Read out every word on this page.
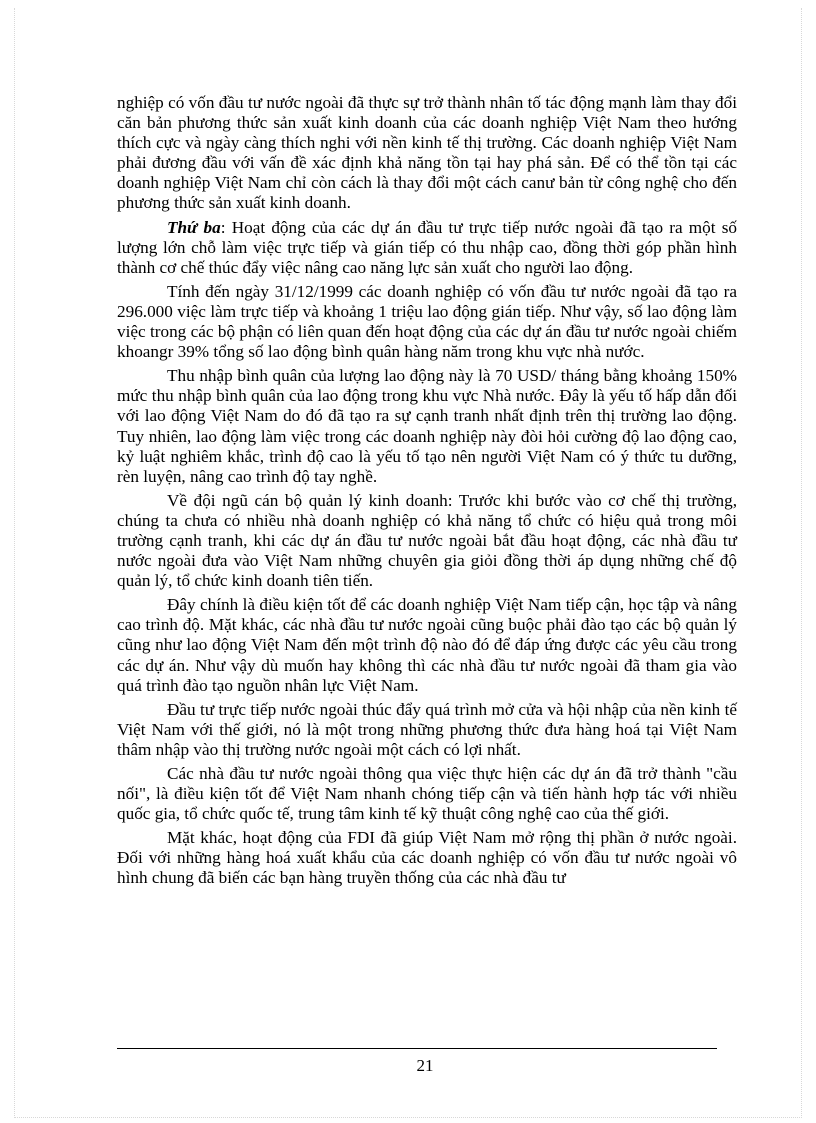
nghiệp có vốn đầu tư nước ngoài đã thực sự trở thành nhân tố tác động mạnh làm thay đổi căn bản phương thức sản xuất kinh doanh của các doanh nghiệp Việt Nam theo hướng thích cực và ngày càng thích nghi với nền kinh tế thị trường. Các doanh nghiệp Việt Nam phải đương đầu với vấn đề xác định khả năng tồn tại hay phá sản. Để có thể tồn tại các doanh nghiệp Việt Nam chỉ còn cách là thay đổi một cách canư bản từ công nghệ cho đến phương thức sản xuất kinh doanh.

Thứ ba: Hoạt động của các dự án đầu tư trực tiếp nước ngoài đã tạo ra một số lượng lớn chỗ làm việc trực tiếp và gián tiếp có thu nhập cao, đồng thời góp phần hình thành cơ chế thúc đẩy việc nâng cao năng lực sản xuất cho người lao động.

Tính đến ngày 31/12/1999 các doanh nghiệp có vốn đầu tư nước ngoài đã tạo ra 296.000 việc làm trực tiếp và khoảng 1 triệu lao động gián tiếp. Như vậy, số lao động làm việc trong các bộ phận có liên quan đến hoạt động của các dự án đầu tư nước ngoài chiếm khoangr 39% tổng số lao động bình quân hàng năm trong khu vực nhà nước.

Thu nhập bình quân của lượng lao động này là 70 USD/ tháng bằng khoảng 150% mức thu nhập bình quân của lao động trong khu vực Nhà nước. Đây là yếu tố hấp dẫn đối với lao động Việt Nam do đó đã tạo ra sự cạnh tranh nhất định trên thị trường lao động. Tuy nhiên, lao động làm việc trong các doanh nghiệp này đòi hỏi cường độ lao động cao, kỷ luật nghiêm khắc, trình độ cao là yếu tố tạo nên người Việt Nam có ý thức tu dưỡng, rèn luyện, nâng cao trình độ tay nghề.

Về đội ngũ cán bộ quản lý kinh doanh: Trước khi bước vào cơ chế thị trường, chúng ta chưa có nhiều nhà doanh nghiệp có khả năng tổ chức có hiệu quả trong môi trường cạnh tranh, khi các dự án đầu tư nước ngoài bắt đầu hoạt động, các nhà đầu tư nước ngoài đưa vào Việt Nam những chuyên gia giỏi đồng thời áp dụng những chế độ quản lý, tổ chức kinh doanh tiên tiến.

Đây chính là điều kiện tốt để các doanh nghiệp Việt Nam tiếp cận, học tập và nâng cao trình độ. Mặt khác, các nhà đầu tư nước ngoài cũng buộc phải đào tạo các bộ quản lý cũng như lao động Việt Nam đến một trình độ nào đó để đáp ứng được các yêu cầu trong các dự án. Như vậy dù muốn hay không thì các nhà đầu tư nước ngoài đã tham gia vào quá trình đào tạo nguồn nhân lực Việt Nam.

Đầu tư trực tiếp nước ngoài thúc đẩy quá trình mở cửa và hội nhập của nền kinh tế Việt Nam với thế giới, nó là một trong những phương thức đưa hàng hoá tại Việt Nam thâm nhập vào thị trường nước ngoài một cách có lợi nhất.

Các nhà đầu tư nước ngoài thông qua việc thực hiện các dự án đã trở thành "cầu nối", là điều kiện tốt để Việt Nam nhanh chóng tiếp cận và tiến hành hợp tác với nhiều quốc gia, tổ chức quốc tế, trung tâm kinh tế kỹ thuật công nghệ cao của thế giới.

Mặt khác, hoạt động của FDI đã giúp Việt Nam mở rộng thị phần ở nước ngoài. Đối với những hàng hoá xuất khẩu của các doanh nghiệp có vốn đầu tư nước ngoài vô hình chung đã biến các bạn hàng truyền thống của các nhà đầu tư

21
